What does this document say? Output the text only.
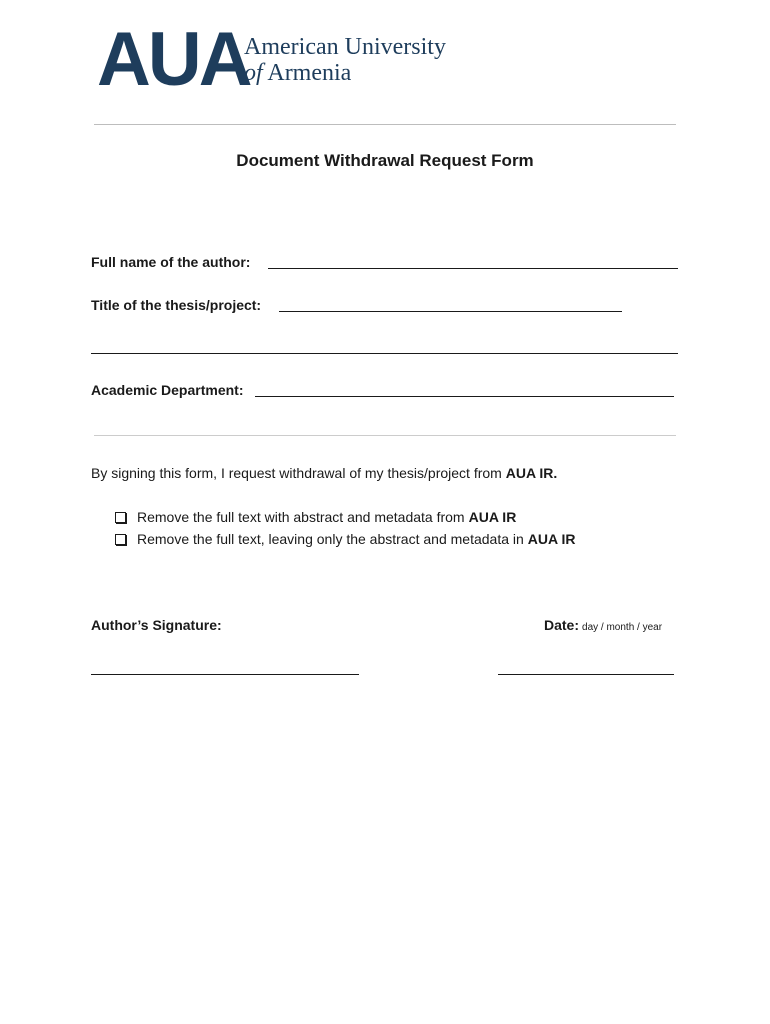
AUA
American University
of Armenia
Document Withdrawal Request Form
Full name of the author:
Title of the thesis/project:
Academic Department:
By signing this form, I request withdrawal of my thesis/project from AUA IR.
Remove the full text with abstract and metadata from AUA IR
Remove the full text, leaving only the abstract and metadata in AUA IR
Author’s Signature:	Date: day / month / year
